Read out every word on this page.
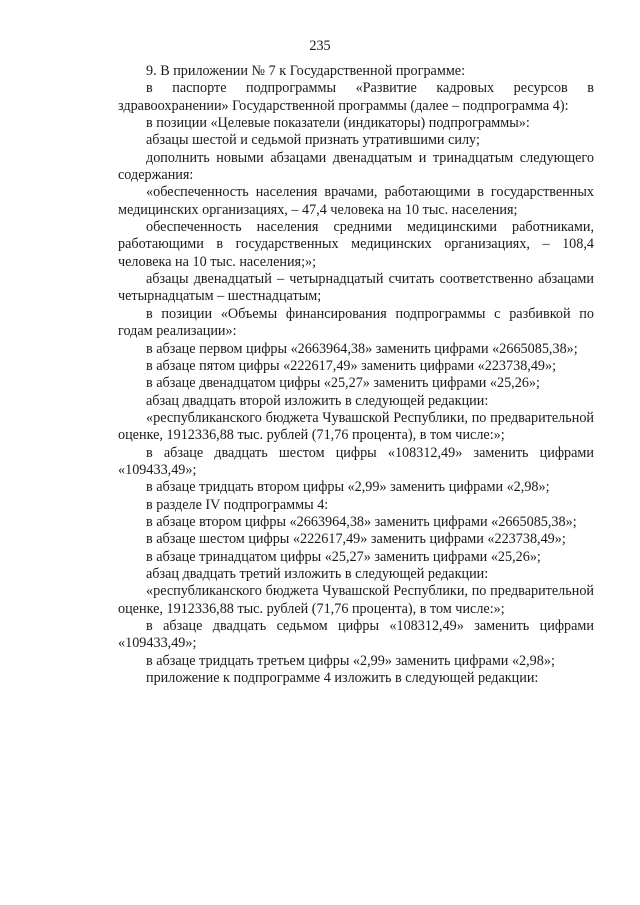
235

9. В приложении № 7 к Государственной программе:

в паспорте подпрограммы «Развитие кадровых ресурсов в здравоохранении» Государственной программы (далее – подпрограмма 4):

в позиции «Целевые показатели (индикаторы) подпрограммы»:

абзацы шестой и седьмой признать утратившими силу;

дополнить новыми абзацами двенадцатым и тринадцатым следующего содержания:

«обеспеченность населения врачами, работающими в государственных медицинских организациях, – 47,4 человека на 10 тыс. населения;

обеспеченность населения средними медицинскими работниками, работающими в государственных медицинских организациях, – 108,4 человека на 10 тыс. населения;»;

абзацы двенадцатый – четырнадцатый считать соответственно абзацами четырнадцатым – шестнадцатым;

в позиции «Объемы финансирования подпрограммы с разбивкой по годам реализации»:

в абзаце первом цифры «2663964,38» заменить цифрами «2665085,38»;

в абзаце пятом цифры «222617,49» заменить цифрами «223738,49»;

в абзаце двенадцатом цифры «25,27» заменить цифрами «25,26»;

абзац двадцать второй изложить в следующей редакции:

«республиканского бюджета Чувашской Республики, по предварительной оценке, 1912336,88 тыс. рублей (71,76 процента), в том числе:»;

в абзаце двадцать шестом цифры «108312,49» заменить цифрами «109433,49»;

в абзаце тридцать втором цифры «2,99» заменить цифрами «2,98»;

в разделе IV подпрограммы 4:

в абзаце втором цифры «2663964,38» заменить цифрами «2665085,38»;

в абзаце шестом цифры «222617,49» заменить цифрами «223738,49»;

в абзаце тринадцатом цифры «25,27» заменить цифрами «25,26»;

абзац двадцать третий изложить в следующей редакции:

«республиканского бюджета Чувашской Республики, по предварительной оценке, 1912336,88 тыс. рублей (71,76 процента), в том числе:»;

в абзаце двадцать седьмом цифры «108312,49» заменить цифрами «109433,49»;

в абзаце тридцать третьем цифры «2,99» заменить цифрами «2,98»;

приложение к подпрограмме 4 изложить в следующей редакции:
